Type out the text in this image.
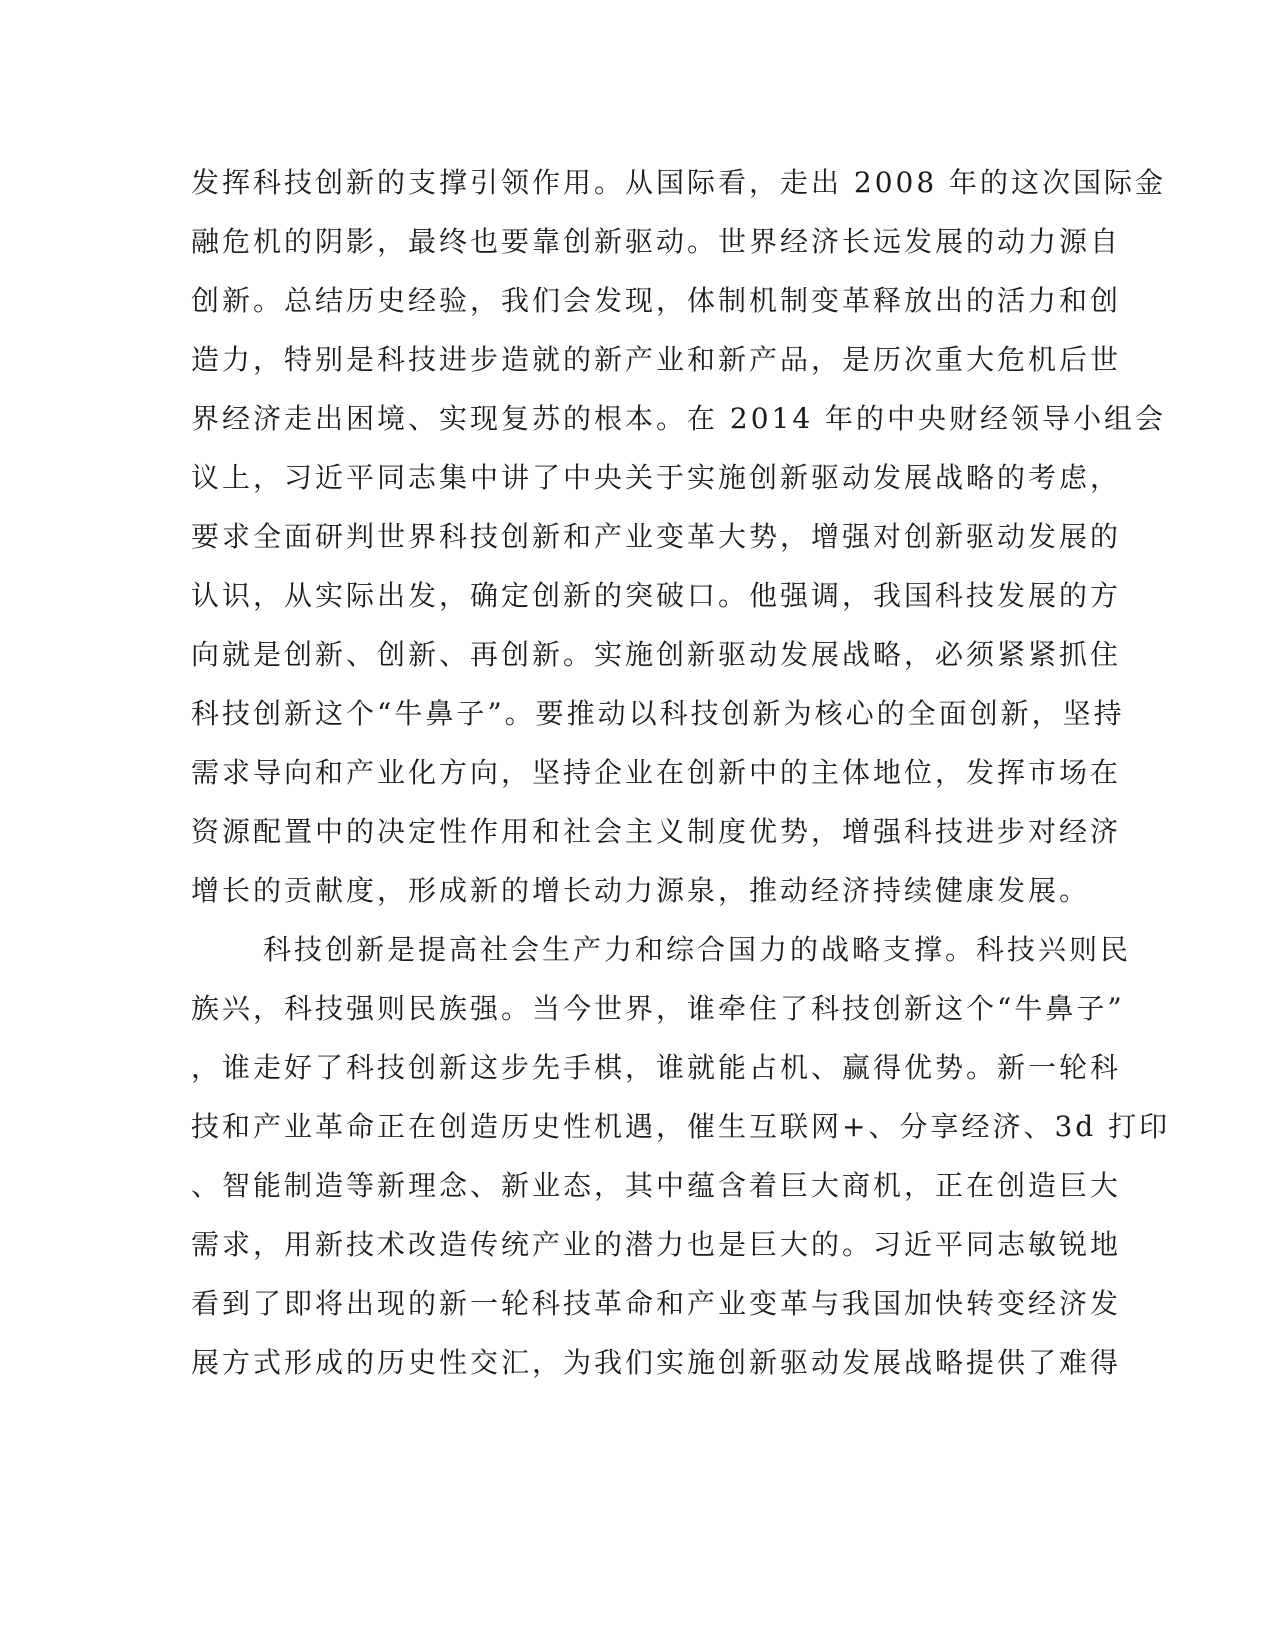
发挥科技创新的支撑引领作用。从国际看，走出 2008 年的这次国际金

融危机的阴影，最终也要靠创新驱动。世界经济长远发展的动力源自

创新。总结历史经验，我们会发现，体制机制变革释放出的活力和创

造力，特别是科技进步造就的新产业和新产品，是历次重大危机后世

界经济走出困境、实现复苏的根本。在 2014 年的中央财经领导小组会

议上，习近平同志集中讲了中央关于实施创新驱动发展战略的考虑，

要求全面研判世界科技创新和产业变革大势，增强对创新驱动发展的

认识，从实际出发，确定创新的突破口。他强调，我国科技发展的方

向就是创新、创新、再创新。实施创新驱动发展战略，必须紧紧抓住

科技创新这个“牛鼻子”。要推动以科技创新为核心的全面创新，坚持

需求导向和产业化方向，坚持企业在创新中的主体地位，发挥市场在

资源配置中的决定性作用和社会主义制度优势，增强科技进步对经济

增长的贡献度，形成新的增长动力源泉，推动经济持续健康发展。

科技创新是提高社会生产力和综合国力的战略支撑。科技兴则民

族兴，科技强则民族强。当今世界，谁牵住了科技创新这个“牛鼻子”

，谁走好了科技创新这步先手棋，谁就能占机、赢得优势。新一轮科

技和产业革命正在创造历史性机遇，催生互联网+、分享经济、3d 打印

、智能制造等新理念、新业态，其中蕴含着巨大商机，正在创造巨大

需求，用新技术改造传统产业的潜力也是巨大的。习近平同志敏锐地

看到了即将出现的新一轮科技革命和产业变革与我国加快转变经济发

展方式形成的历史性交汇，为我们实施创新驱动发展战略提供了难得
